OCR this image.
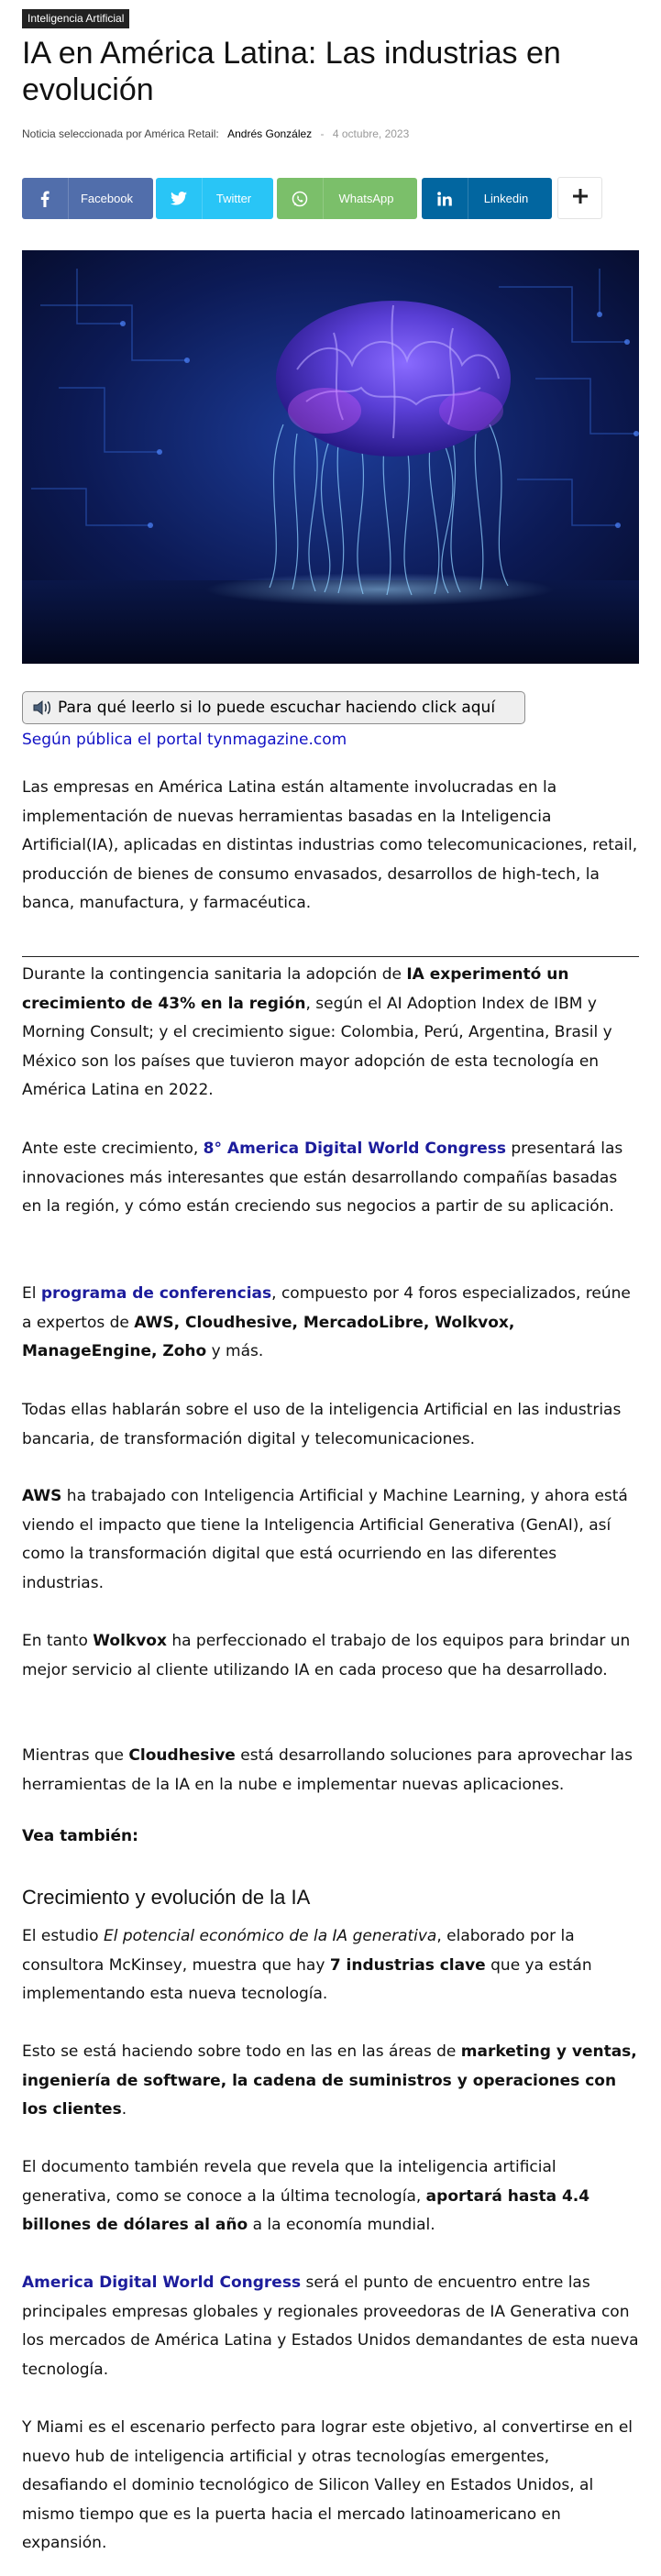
Inteligencia Artificial
IA en América Latina: Las industrias en evolución
Noticia seleccionada por América Retail: Andrés González - 4 octubre, 2023
Facebook	Twitter	WhatsApp	Linkedin
Para qué leerlo si lo puede escuchar haciendo click aquí
Según pública el portal tynmagazine.com

Las empresas en América Latina están altamente involucradas en la implementación de nuevas herramientas basadas en la Inteligencia Artificial(IA), aplicadas en distintas industrias como telecomunicaciones, retail, producción de bienes de consumo envasados, desarrollos de high-tech, la banca, manufactura, y farmacéutica.

Durante la contingencia sanitaria la adopción de IA experimentó un crecimiento de 43% en la región, según el AI Adoption Index de IBM y Morning Consult; y el crecimiento sigue: Colombia, Perú, Argentina, Brasil y México son los países que tuvieron mayor adopción de esta tecnología en América Latina en 2022.

Ante este crecimiento, 8° America Digital World Congress presentará las innovaciones más interesantes que están desarrollando compañías basadas en la región, y cómo están creciendo sus negocios a partir de su aplicación.

El programa de conferencias, compuesto por 4 foros especializados, reúne a expertos de AWS, Cloudhesive, MercadoLibre, Wolkvox, ManageEngine, Zoho y más.

Todas ellas hablarán sobre el uso de la inteligencia Artificial en las industrias bancaria, de transformación digital y telecomunicaciones.

AWS ha trabajado con Inteligencia Artificial y Machine Learning, y ahora está viendo el impacto que tiene la Inteligencia Artificial Generativa (GenAI), así como la transformación digital que está ocurriendo en las diferentes industrias.

En tanto Wolkvox ha perfeccionado el trabajo de los equipos para brindar un mejor servicio al cliente utilizando IA en cada proceso que ha desarrollado.

Mientras que Cloudhesive está desarrollando soluciones para aprovechar las herramientas de la IA en la nube e implementar nuevas aplicaciones.

Vea también:

Crecimiento y evolución de la IA

El estudio El potencial económico de la IA generativa, elaborado por la consultora McKinsey, muestra que hay 7 industrias clave que ya están implementando esta nueva tecnología.

Esto se está haciendo sobre todo en las en las áreas de marketing y ventas, ingeniería de software, la cadena de suministros y operaciones con los clientes.

El documento también revela que revela que la inteligencia artificial generativa, como se conoce a la última tecnología, aportará hasta 4.4 billones de dólares al año a la economía mundial.

America Digital World Congress será el punto de encuentro entre las principales empresas globales y regionales proveedoras de IA Generativa con los mercados de América Latina y Estados Unidos demandantes de esta nueva tecnología.

Y Miami es el escenario perfecto para lograr este objetivo, al convertirse en el nuevo hub de inteligencia artificial y otras tecnologías emergentes, desafiando el dominio tecnológico de Silicon Valley en Estados Unidos, al mismo tiempo que es la puerta hacia el mercado latinoamericano en expansión.
